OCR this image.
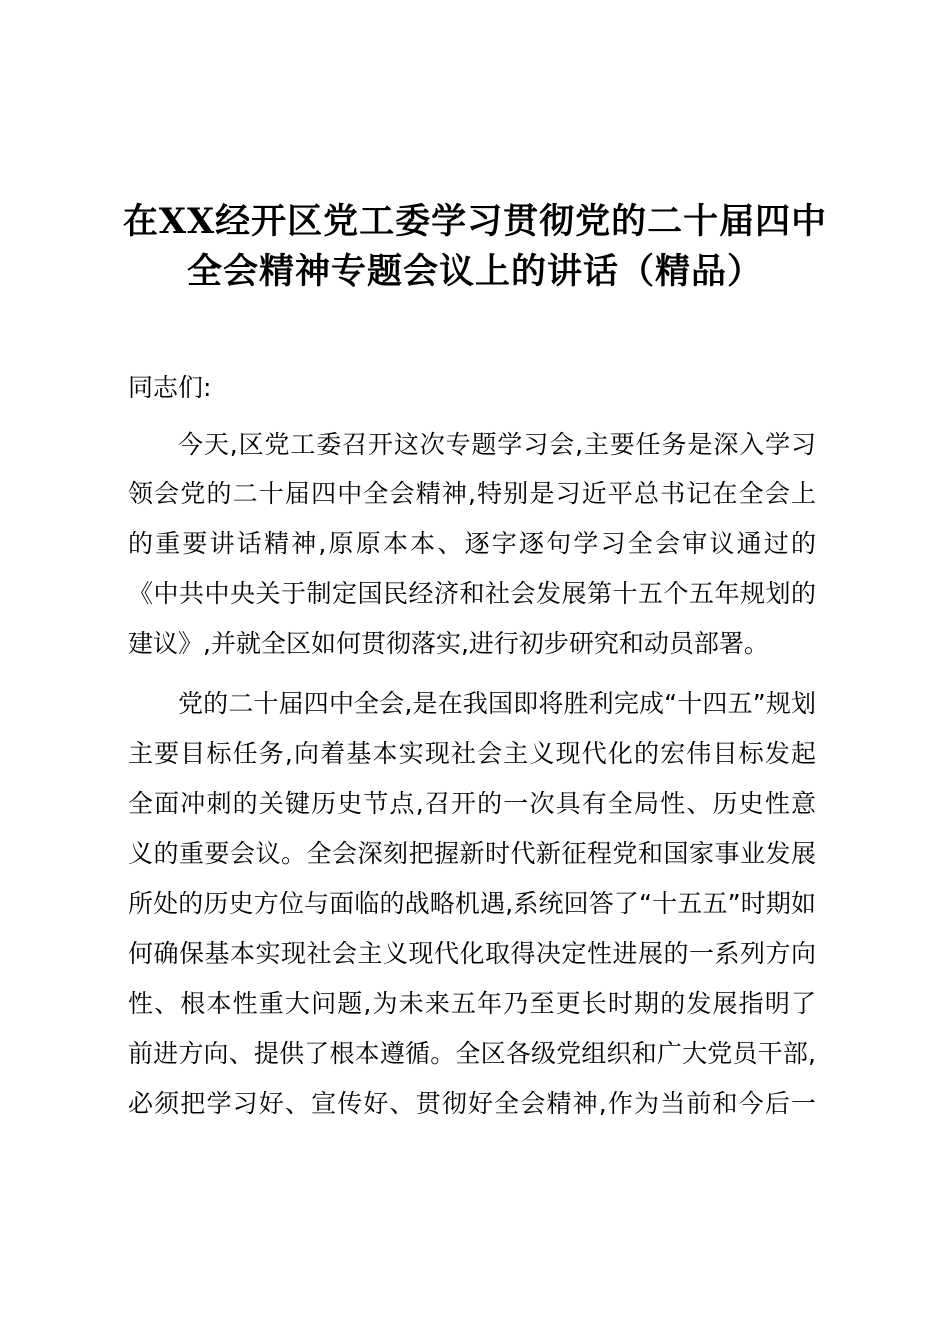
在XX经开区党工委学习贯彻党的二十届四中
全会精神专题会议上的讲话（精品）
同志们:
今天,区党工委召开这次专题学习会,主要任务是深入学习
领会党的二十届四中全会精神,特别是习近平总书记在全会上
的重要讲话精神,原原本本、逐字逐句学习全会审议通过的
《中共中央关于制定国民经济和社会发展第十五个五年规划的
建议》,并就全区如何贯彻落实,进行初步研究和动员部署。
党的二十届四中全会,是在我国即将胜利完成“十四五”规划
主要目标任务,向着基本实现社会主义现代化的宏伟目标发起
全面冲刺的关键历史节点,召开的一次具有全局性、历史性意
义的重要会议。全会深刻把握新时代新征程党和国家事业发展
所处的历史方位与面临的战略机遇,系统回答了“十五五”时期如
何确保基本实现社会主义现代化取得决定性进展的一系列方向
性、根本性重大问题,为未来五年乃至更长时期的发展指明了
前进方向、提供了根本遵循。全区各级党组织和广大党员干部,
必须把学习好、宣传好、贯彻好全会精神,作为当前和今后一
